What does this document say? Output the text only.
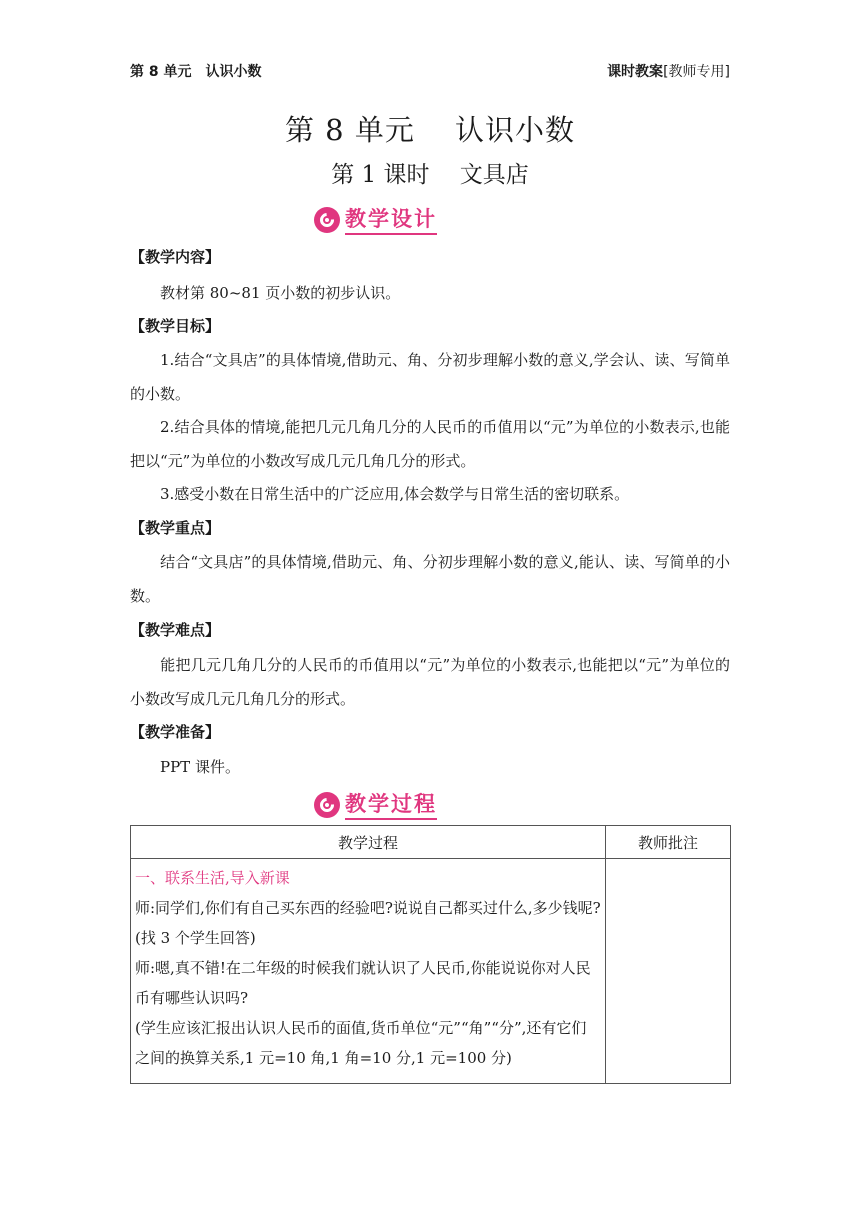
第 8 单元　认识小数	课时教案[教师专用]
第 8 单元　 认识小数
第 1 课时　 文具店
教学设计
【教学内容】
教材第 80~81 页小数的初步认识。
【教学目标】
1.结合“文具店”的具体情境,借助元、角、分初步理解小数的意义,学会认、读、写简单的小数。
2.结合具体的情境,能把几元几角几分的人民币的币值用以“元”为单位的小数表示,也能把以“元”为单位的小数改写成几元几角几分的形式。
3.感受小数在日常生活中的广泛应用,体会数学与日常生活的密切联系。
【教学重点】
结合“文具店”的具体情境,借助元、角、分初步理解小数的意义,能认、读、写简单的小数。
【教学难点】
能把几元几角几分的人民币的币值用以“元”为单位的小数表示,也能把以“元”为单位的小数改写成几元几角几分的形式。
【教学准备】
PPT 课件。
教学过程
教学过程	教师批注

一、联系生活,导入新课
师:同学们,你们有自己买东西的经验吧?说说自己都买过什么,多少钱呢?
(找 3 个学生回答)
师:嗯,真不错!在二年级的时候我们就认识了人民币,你能说说你对人民币有哪些认识吗?
(学生应该汇报出认识人民币的面值,货币单位“元”“角”“分”,还有它们之间的换算关系,1 元=10 角,1 角=10 分,1 元=100 分)	
